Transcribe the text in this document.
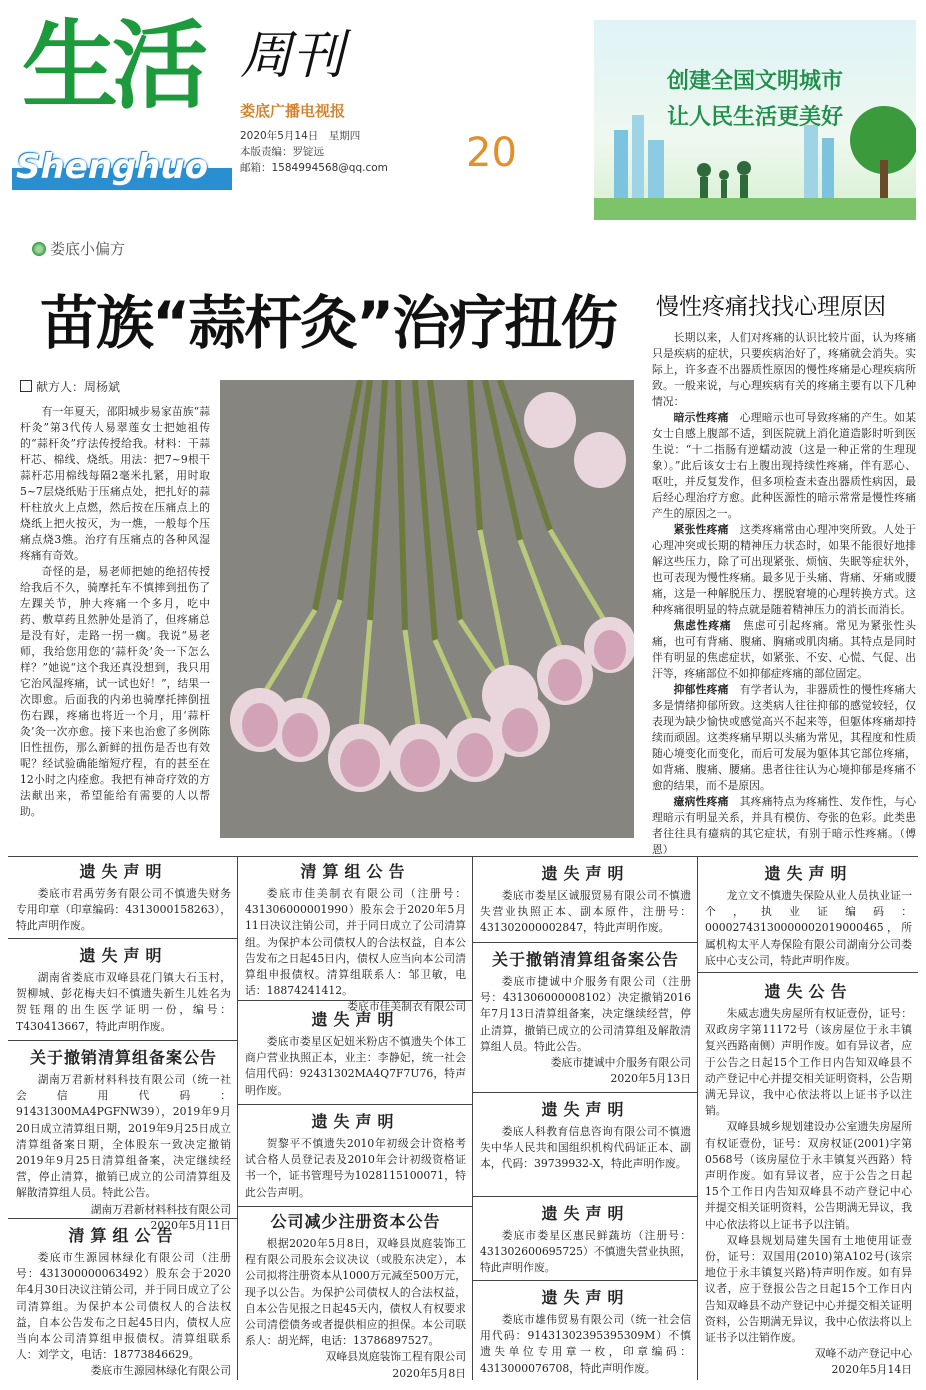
生活
Shenghuo
周刊
娄底广播电视报
2020年5月14日　星期四
本版责编：罗锭远
邮箱：1584994568@qq.com 20
创建全国文明城市
让人民生活更美好
娄底小偏方
苗族“蒜杆灸”治疗扭伤
献方人：周杨斌

有一年夏天，邵阳城步易家苗族“蒜杆灸”第3代传人易翠莲女士把她祖传的“蒜杆灸”疗法传授给我。材料：干蒜杆芯、棉线、烧纸。用法：把7~9根干蒜杆芯用棉线每隔2毫米扎紧，用时取5~7层烧纸贴于压痛点处，把扎好的蒜杆柱放火上点燃，然后按在压痛点上的烧纸上把火按灭，为一燋，一般每个压痛点烧3燋。治疗有压痛点的各种风湿疼痛有奇效。

奇怪的是，易老师把她的绝招传授给我后不久，骑摩托车不慎摔到扭伤了左踝关节，肿大疼痛一个多月，吃中药、敷草药且然肿处是消了，但疼痛总是没有好，走路一拐一瘸。我说“易老师，我给您用您的‘蒜杆灸’灸一下怎么样？”她说“这个我还真没想到，我只用它治风湿疼痛，试一试也好！”，结果一次即愈。后面我的内弟也骑摩托摔倒扭伤右踝，疼痛也将近一个月，用‘蒜杆灸’灸一次亦愈。接下来也治愈了多例陈旧性扭伤，那么新鲜的扭伤是否也有效呢？经试验确能缩短疗程，有的甚至在12小时之内痊愈。我把有神奇疗效的方法献出来，希望能给有需要的人以帮助。

慢性疼痛找找心理原因

长期以来，人们对疼痛的认识比较片面，认为疼痛只是疾病的症状，只要疾病治好了，疼痛就会消失。实际上，许多查不出器质性原因的慢性疼痛是心理疾病所致。一般来说，与心理疾病有关的疼痛主要有以下几种情况：

暗示性疼痛　 心理暗示也可导致疼痛的产生。如某女士自感上腹部不适，到医院就上消化道造影时听到医生说：“十二指肠有逆蠕动波（这是一种正常的生理现象）。”此后该女士右上腹出现持续性疼痛，伴有恶心、呕吐，并反复发作，但多项检查未查出器质性病因，最后经心理治疗方愈。此种医源性的暗示常常是慢性疼痛产生的原因之一。

紧张性疼痛　 这类疼痛常由心理冲突所致。人处于心理冲突或长期的精神压力状态时，如果不能很好地排解这些压力，除了可出现紧张、烦恼、失眠等症状外，也可表现为慢性疼痛。最多见于头痛、背痛、牙痛或腰痛，这是一种解脱压力、摆脱窘境的心理转换方式。这种疼痛很明显的特点就是随着精神压力的消长而消长。

焦虑性疼痛　 焦虑可引起疼痛。常见为紧张性头痛，也可有背痛、腹痛、胸痛或肌肉痛。其特点是同时伴有明显的焦虑症状，如紧张、不安、心慌、气促、出汗等，疼痛部位不如抑郁症疼痛的部位固定。

抑郁性疼痛　 有学者认为，非器质性的慢性疼痛大多是情绪抑郁所致。这类病人往往抑郁的感觉较轻，仅表现为缺少愉快或感觉高兴不起来等，但躯体疼痛却持续而顽固。这类疼痛早期以头痛为常见，其程度和性质随心境变化而变化，而后可发展为躯体其它部位疼痛，如背痛、腹痛、腰痛。患者往往认为心境抑郁是疼痛不愈的结果，而不是原因。

癔病性疼痛　 其疼痛特点为疼痛性、发作性，与心理暗示有明显关系，并具有模仿、夸张的色彩。此类患者往往具有癔病的其它症状，有别于暗示性疼痛。（傅恩）

遗失声明

娄底市君禹劳务有限公司不慎遗失财务专用印章（印章编码：4313000158263），特此声明作废。

遗失声明

湖南省娄底市双峰县花门镇大石玉村，贺柳城、彭花梅夫妇不慎遗失新生儿姓名为贺钰翔的出生医学证明一份，编号：T430413667，特此声明作废。

关于撤销清算组备案公告

湖南万君新材料科技有限公司（统一社会信用代码：91431300MA4PGFNW39），2019年9月20日成立清算组日期，2019年9月25日成立清算组备案日期，全体股东一致决定撤销2019年9月25日清算组备案，决定继续经营，停止清算，撤销已成立的公司清算组及解散清算组人员。特此公告。

湖南万君新材料科技有限公司

2020年5月11日

清算组公告

娄底市生源园林绿化有限公司（注册号：431300000063492）股东会于2020年4月30日决议注销公司，并于同日成立了公司清算组。为保护本公司债权人的合法权益，自本公告发布之日起45日内，债权人应当向本公司清算组申报债权。清算组联系人：刘学文，电话：18773846629。

娄底市生源园林绿化有限公司

清算组公告

娄底市佳美制衣有限公司（注册号：431306000001990）股东会于2020年5月11日决议注销公司，并于同日成立了公司清算组。为保护本公司债权人的合法权益，自本公告发布之日起45日内，债权人应当向本公司清算组申报债权。清算组联系人：邹卫敏，电话：18874241412。

娄底市佳美制衣有限公司

遗失声明

娄底市娄星区妃妞米粉店不慎遗失个体工商户营业执照正本，业主：李静妃，统一社会信用代码：92431302MA4Q7F7U76，特声明作废。

遗失声明

贺黎平不慎遗失2010年初级会计资格考试合格人员登记表及2010年会计初级资格证书一个，证书管理号为1028115100071，特此公告声明。

公司减少注册资本公告

根据2020年5月8日，双峰县岚庭装饰工程有限公司股东会议决议（或股东决定），本公司拟将注册资本从1000万元减至500万元，现予以公告。为保护公司债权人的合法权益，自本公告见报之日起45天内，债权人有权要求公司清偿债务或者提供相应的担保。本公司联系人：胡光辉，电话：13786897527。

双峰县岚庭装饰工程有限公司

2020年5月8日

遗失声明

娄底市娄星区诚服贸易有限公司不慎遗失营业执照正本、副本原件，注册号：431302000002847，特此声明作废。

关于撤销清算组备案公告

娄底市捷诚中介服务有限公司（注册号：431306000008102）决定撤销2016年7月13日清算组备案，决定继续经营，停止清算，撤销已成立的公司清算组及解散清算组人员。特此公告。

娄底市捷诚中介服务有限公司

2020年5月13日

遗失声明

娄底人科教育信息咨询有限公司不慎遗失中华人民共和国组织机构代码证正本、副本，代码：39739932-X，特此声明作废。

遗失声明

娄底市娄星区惠民鲜蔬坊（注册号：431302600695725）不慎遗失营业执照，特此声明作废。

遗失声明

娄底市雄伟贸易有限公司（统一社会信用代码：91431302395395309M）不慎遗失单位专用章一枚，印章编码：4313000076708，特此声明作废。

遗失声明

龙立文不慎遗失保险从业人员执业证一个，执业证编码：00002743130000002019000465，所属机构太平人寿保险有限公司湖南分公司娄底中心支公司，特此声明作废。

遗失公告

朱威志遗失房屋所有权证壹份，证号：双政房字第11172号（该房屋位于永丰镇复兴西路南侧）声明作废。如有异议者，应于公告之日起15个工作日内告知双峰县不动产登记中心并提交相关证明资料，公告期满无异议，我中心依法将以上证书予以注销。

双峰县城乡规划建设办公室遗失房屋所有权证壹份，证号：双房权证(2001)字第0568号（该房屋位于永丰镇复兴西路）特声明作废。如有异议者，应于公告之日起15个工作日内告知双峰县不动产登记中心并提交相关证明资料，公告期满无异议，我中心依法将以上证书予以注销。

双峰县规划局建失国有土地使用证壹份，证号：双国用(2010)第A102号(该宗地位于永丰镇复兴路)特声明作废。如有异议者，应于登报公告之日起15个工作日内告知双峰县不动产登记中心并提交相关证明资料，公告期满无异议，我中心依法将以上证书予以注销作废。

双峰不动产登记中心

2020年5月14日
